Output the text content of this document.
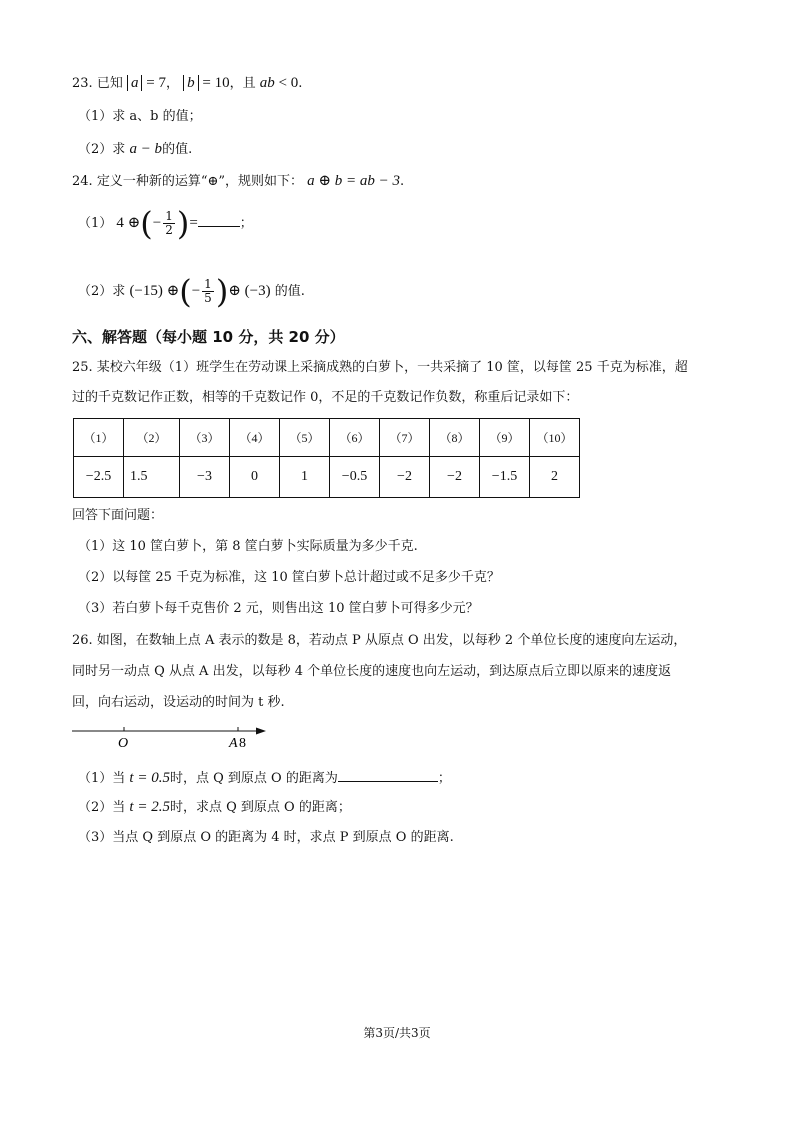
23. 已知 a = 7， b = 10，且 ab < 0.
（1）求 a、b 的值；
（2）求 a − b的值.
24. 定义一种新的运算“⊕”，规则如下： a ⊕ b = ab − 3.
（1） 4 ⊕(− $\frac{1}{2}$ )=	；
（2）求 (−15) ⊕(− $\frac{1}{5}$ )⊕ (−3) 的值.
六、解答题（每小题 10 分，共 20 分）
25. 某校六年级（1）班学生在劳动课上采摘成熟的白萝卜，一共采摘了 10 筐，以每筐 25 千克为标准，超
过的千克数记作正数，相等的千克数记作 0，不足的千克数记作负数，称重后记录如下：
（1）	（2）	（3）	（4）	（5）	（6）	（7）	（8）	（9）	（10）
−2.5	1.5	−3	0	1	−0.5	−2	−2	−1.5	2
回答下面问题：
（1）这 10 筐白萝卜，第 8 筐白萝卜实际质量为多少千克.
（2）以每筐 25 千克为标准，这 10 筐白萝卜总计超过或不足多少千克？
（3）若白萝卜每千克售价 2 元，则售出这 10 筐白萝卜可得多少元？
26. 如图，在数轴上点 A 表示的数是 8，若动点 P 从原点 O 出发，以每秒 2 个单位长度的速度向左运动，
同时另一动点 Q 从点 A 出发，以每秒 4 个单位长度的速度也向左运动，到达原点后立即以原来的速度返
回，向右运动，设运动的时间为 t 秒.
O	A 8
（1）当 t = 0.5时，点 Q 到原点 O 的距离为	；
（2）当 t = 2.5时，求点 Q 到原点 O 的距离；
（3）当点 Q 到原点 O 的距离为 4 时，求点 P 到原点 O 的距离.
第3页/共3页
